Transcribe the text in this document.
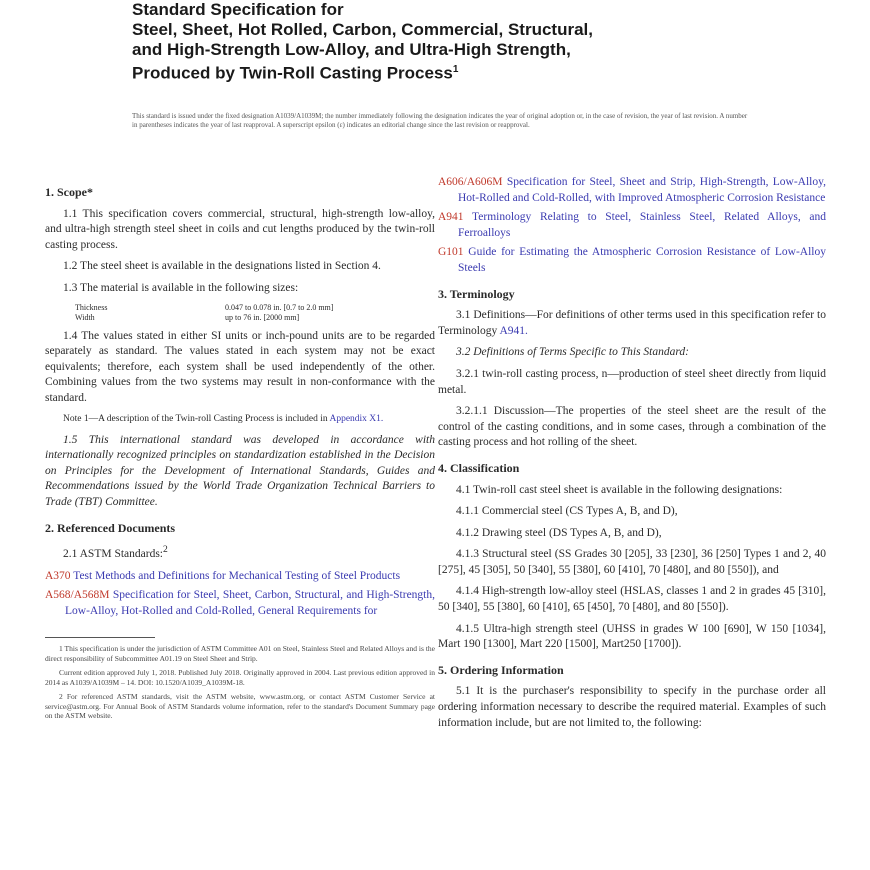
Standard Specification for
Steel, Sheet, Hot Rolled, Carbon, Commercial, Structural,
and High-Strength Low-Alloy, and Ultra-High Strength,
Produced by Twin-Roll Casting Process$^1$
This standard is issued under the fixed designation A1039/A1039M; the number immediately following the designation indicates the year of original adoption or, in the case of revision, the year of last revision. A number in parentheses indicates the year of last reapproval. A superscript epsilon (ε) indicates an editorial change since the last revision or reapproval.
1. Scope*
1.1 This specification covers commercial, structural, high-strength low-alloy, and ultra-high strength steel sheet in coils and cut lengths produced by the twin-roll casting process.
1.2 The steel sheet is available in the designations listed in Section 4.
1.3 The material is available in the following sizes:
Thickness	0.047 to 0.078 in. [0.7 to 2.0 mm]
Width	up to 76 in. [2000 mm]
1.4 The values stated in either SI units or inch-pound units are to be regarded separately as standard. The values stated in each system may not be exact equivalents; therefore, each system shall be used independently of the other. Combining values from the two systems may result in non-conformance with the standard.
Note 1—A description of the Twin-roll Casting Process is included in Appendix X1.
1.5 This international standard was developed in accordance with internationally recognized principles on standardization established in the Decision on Principles for the Development of International Standards, Guides and Recommendations issued by the World Trade Organization Technical Barriers to Trade (TBT) Committee.
2. Referenced Documents
2.1 ASTM Standards:$^2$
A370 Test Methods and Definitions for Mechanical Testing of Steel Products
A568/A568M Specification for Steel, Sheet, Carbon, Structural, and High-Strength, Low-Alloy, Hot-Rolled and Cold-Rolled, General Requirements for
1 This specification is under the jurisdiction of ASTM Committee A01 on Steel, Stainless Steel and Related Alloys and is the direct responsibility of Subcommittee A01.19 on Steel Sheet and Strip.
Current edition approved July 1, 2018. Published July 2018. Originally approved in 2004. Last previous edition approved in 2014 as A1039/A1039M – 14. DOI: 10.1520/A1039_A1039M-18.
2 For referenced ASTM standards, visit the ASTM website, www.astm.org, or contact ASTM Customer Service at service@astm.org. For Annual Book of ASTM Standards volume information, refer to the standard's Document Summary page on the ASTM website.
A606/A606M Specification for Steel, Sheet and Strip, High-Strength, Low-Alloy, Hot-Rolled and Cold-Rolled, with Improved Atmospheric Corrosion Resistance
A941 Terminology Relating to Steel, Stainless Steel, Related Alloys, and Ferroalloys
G101 Guide for Estimating the Atmospheric Corrosion Resistance of Low-Alloy Steels
3. Terminology
3.1 Definitions—For definitions of other terms used in this specification refer to Terminology A941.
3.2 Definitions of Terms Specific to This Standard:
3.2.1 twin-roll casting process, n—production of steel sheet directly from liquid metal.
3.2.1.1 Discussion—The properties of the steel sheet are the result of the control of the casting conditions, and in some cases, through a combination of the casting process and hot rolling of the sheet.
4. Classification
4.1 Twin-roll cast steel sheet is available in the following designations:
4.1.1 Commercial steel (CS Types A, B, and D),
4.1.2 Drawing steel (DS Types A, B, and D),
4.1.3 Structural steel (SS Grades 30 [205], 33 [230], 36 [250] Types 1 and 2, 40 [275], 45 [305], 50 [340], 55 [380], 60 [410], 70 [480], and 80 [550]), and
4.1.4 High-strength low-alloy steel (HSLAS, classes 1 and 2 in grades 45 [310], 50 [340], 55 [380], 60 [410], 65 [450], 70 [480], and 80 [550]).
4.1.5 Ultra-high strength steel (UHSS in grades W 100 [690], W 150 [1034], Mart 190 [1300], Mart 220 [1500], Mart250 [1700]).
5. Ordering Information
5.1 It is the purchaser's responsibility to specify in the purchase order all ordering information necessary to describe the required material. Examples of such information include, but are not limited to, the following:
